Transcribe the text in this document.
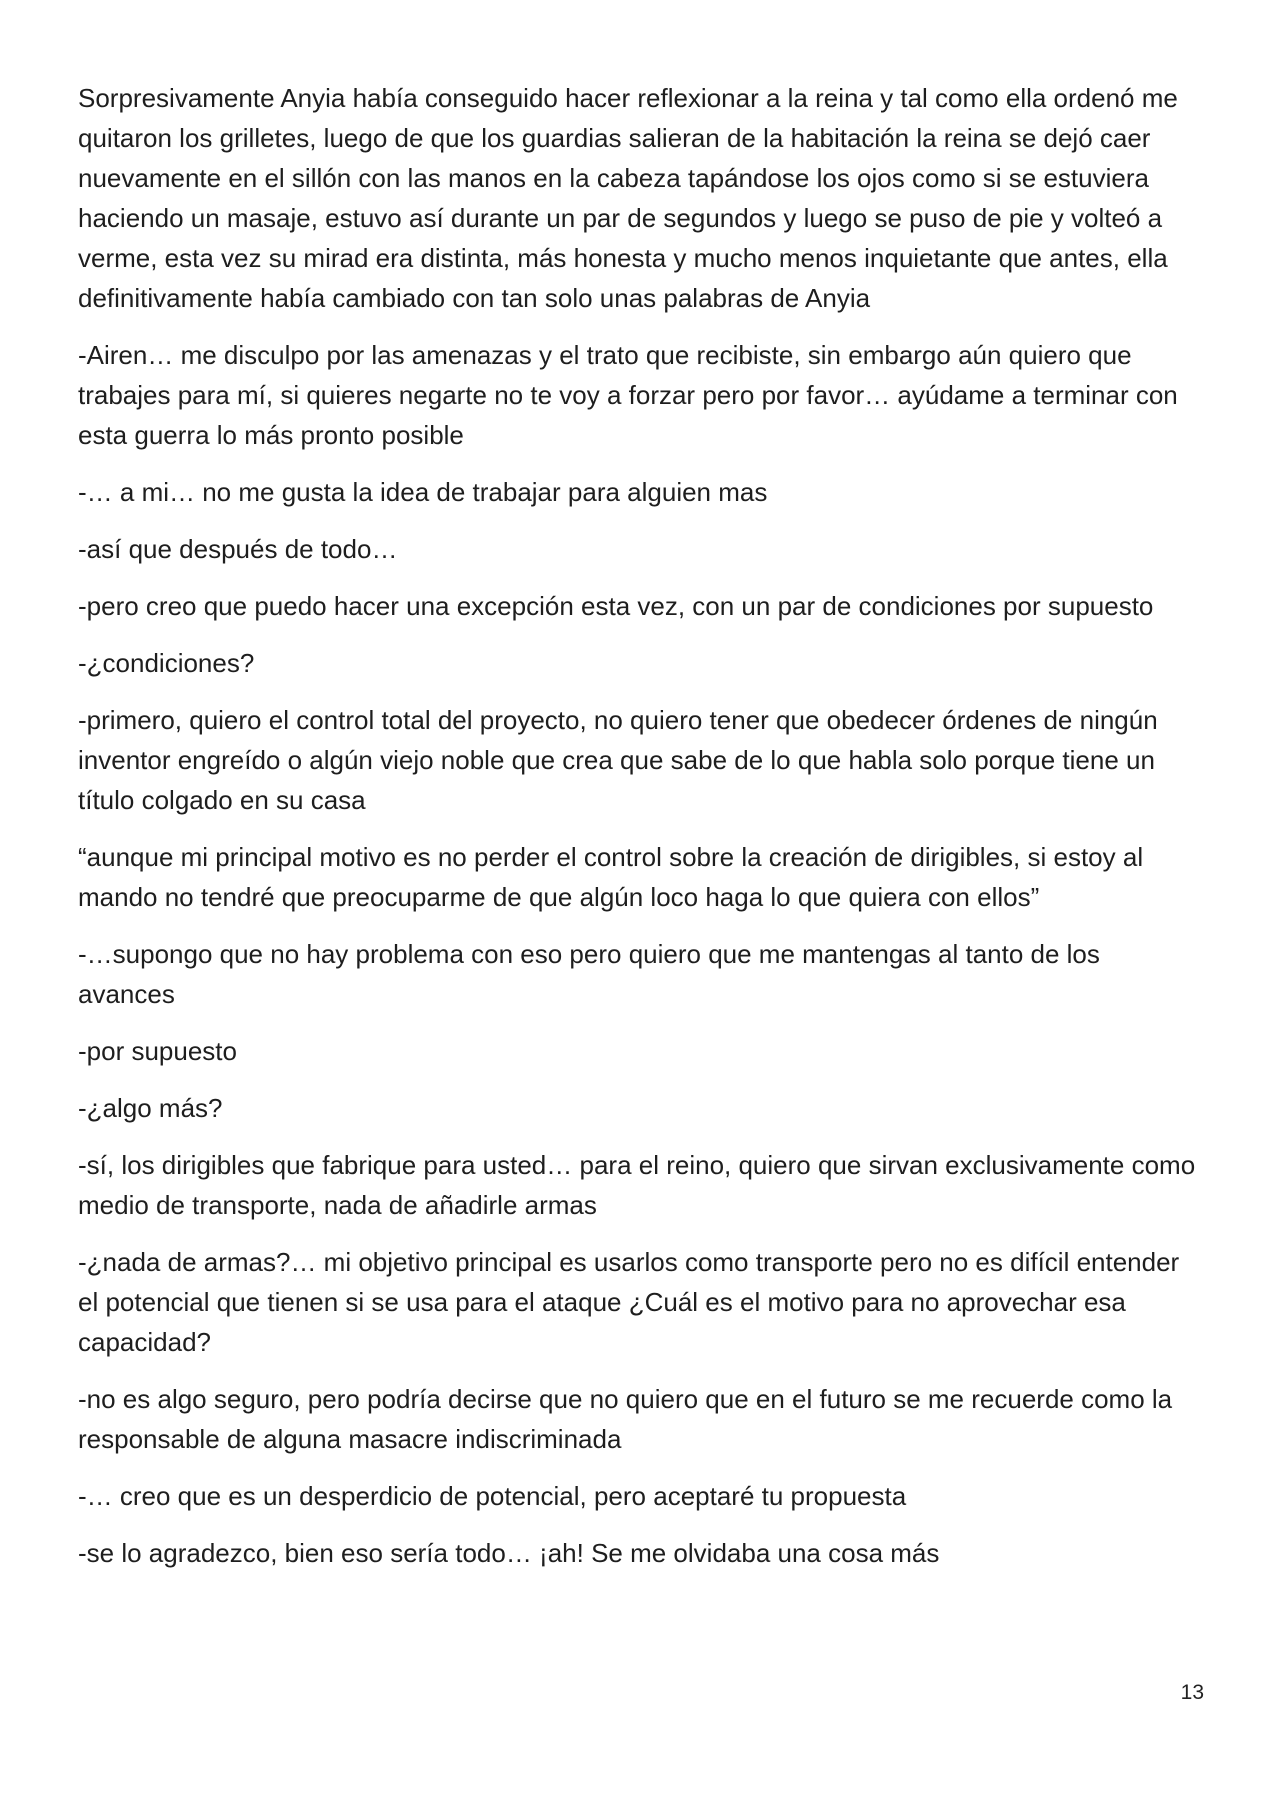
Sorpresivamente Anyia había conseguido hacer reflexionar a la reina y tal como ella ordenó me quitaron los grilletes, luego de que los guardias salieran de la habitación la reina se dejó caer nuevamente en el sillón con las manos en la cabeza tapándose los ojos como si se estuviera haciendo un masaje, estuvo así durante un par de segundos y luego se puso de pie y volteó a verme, esta vez su mirad era distinta, más honesta y mucho menos inquietante que antes, ella definitivamente había cambiado con tan solo unas palabras de Anyia

-Airen… me disculpo por las amenazas y el trato que recibiste, sin embargo aún quiero que trabajes para mí, si quieres negarte no te voy a forzar pero por favor… ayúdame a terminar con esta guerra lo más pronto posible

-… a mi… no me gusta la idea de trabajar para alguien mas

-así que después de todo…

-pero creo que puedo hacer una excepción esta vez, con un par de condiciones por supuesto

-¿condiciones?

-primero, quiero el control total del proyecto, no quiero tener que obedecer órdenes de ningún inventor engreído o algún viejo noble que crea que sabe de lo que habla solo porque tiene un título colgado en su casa

“aunque mi principal motivo es no perder el control sobre la creación de dirigibles, si estoy al mando no tendré que preocuparme de que algún loco haga lo que quiera con ellos”

-…supongo que no hay problema con eso pero quiero que me mantengas al tanto de los avances

-por supuesto

-¿algo más?

-sí, los dirigibles que fabrique para usted… para el reino, quiero que sirvan exclusivamente como medio de transporte, nada de añadirle armas

-¿nada de armas?… mi objetivo principal es usarlos como transporte pero no es difícil entender el potencial que tienen si se usa para el ataque ¿Cuál es el motivo para no aprovechar esa capacidad?

-no es algo seguro, pero podría decirse que no quiero que en el futuro se me recuerde como la responsable de alguna masacre indiscriminada

-… creo que es un desperdicio de potencial, pero aceptaré tu propuesta

-se lo agradezco, bien eso sería todo… ¡ah! Se me olvidaba una cosa más

13
